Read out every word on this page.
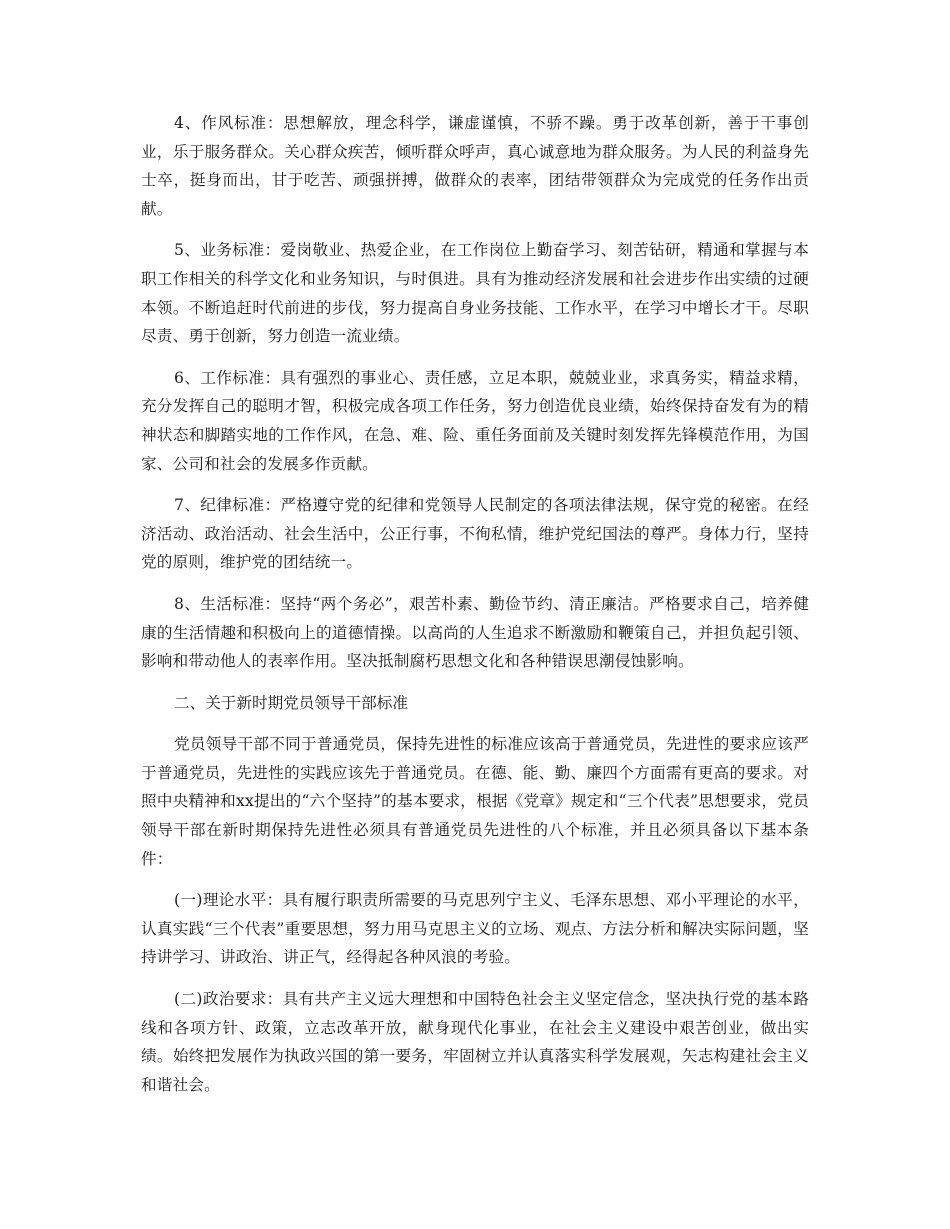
4、作风标准：思想解放，理念科学，谦虚谨慎，不骄不躁。勇于改革创新，善于干事创业，乐于服务群众。关心群众疾苦，倾听群众呼声，真心诚意地为群众服务。为人民的利益身先士卒，挺身而出，甘于吃苦、顽强拼搏，做群众的表率，团结带领群众为完成党的任务作出贡献。

5、业务标准：爱岗敬业、热爱企业，在工作岗位上勤奋学习、刻苦钻研，精通和掌握与本职工作相关的科学文化和业务知识，与时俱进。具有为推动经济发展和社会进步作出实绩的过硬本领。不断追赶时代前进的步伐，努力提高自身业务技能、工作水平，在学习中增长才干。尽职尽责、勇于创新，努力创造一流业绩。

6、工作标准：具有强烈的事业心、责任感，立足本职，兢兢业业，求真务实，精益求精，充分发挥自己的聪明才智，积极完成各项工作任务，努力创造优良业绩，始终保持奋发有为的精神状态和脚踏实地的工作作风，在急、难、险、重任务面前及关键时刻发挥先锋模范作用，为国家、公司和社会的发展多作贡献。

7、纪律标准：严格遵守党的纪律和党领导人民制定的各项法律法规，保守党的秘密。在经济活动、政治活动、社会生活中，公正行事，不徇私情，维护党纪国法的尊严。身体力行，坚持党的原则，维护党的团结统一。

8、生活标准：坚持“两个务必”，艰苦朴素、勤俭节约、清正廉洁。严格要求自己，培养健康的生活情趣和积极向上的道德情操。以高尚的人生追求不断激励和鞭策自己，并担负起引领、影响和带动他人的表率作用。坚决抵制腐朽思想文化和各种错误思潮侵蚀影响。

二、关于新时期党员领导干部标准

党员领导干部不同于普通党员，保持先进性的标准应该高于普通党员，先进性的要求应该严于普通党员，先进性的实践应该先于普通党员。在德、能、勤、廉四个方面需有更高的要求。对照中央精神和xx提出的“六个坚持”的基本要求，根据《党章》规定和“三个代表”思想要求，党员领导干部在新时期保持先进性必须具有普通党员先进性的八个标准，并且必须具备以下基本条件：

(一)理论水平：具有履行职责所需要的马克思列宁主义、毛泽东思想、邓小平理论的水平，认真实践“三个代表”重要思想，努力用马克思主义的立场、观点、方法分析和解决实际问题，坚持讲学习、讲政治、讲正气，经得起各种风浪的考验。

(二)政治要求：具有共产主义远大理想和中国特色社会主义坚定信念，坚决执行党的基本路线和各项方针、政策，立志改革开放，献身现代化事业，在社会主义建设中艰苦创业，做出实绩。始终把发展作为执政兴国的第一要务，牢固树立并认真落实科学发展观，矢志构建社会主义和谐社会。
